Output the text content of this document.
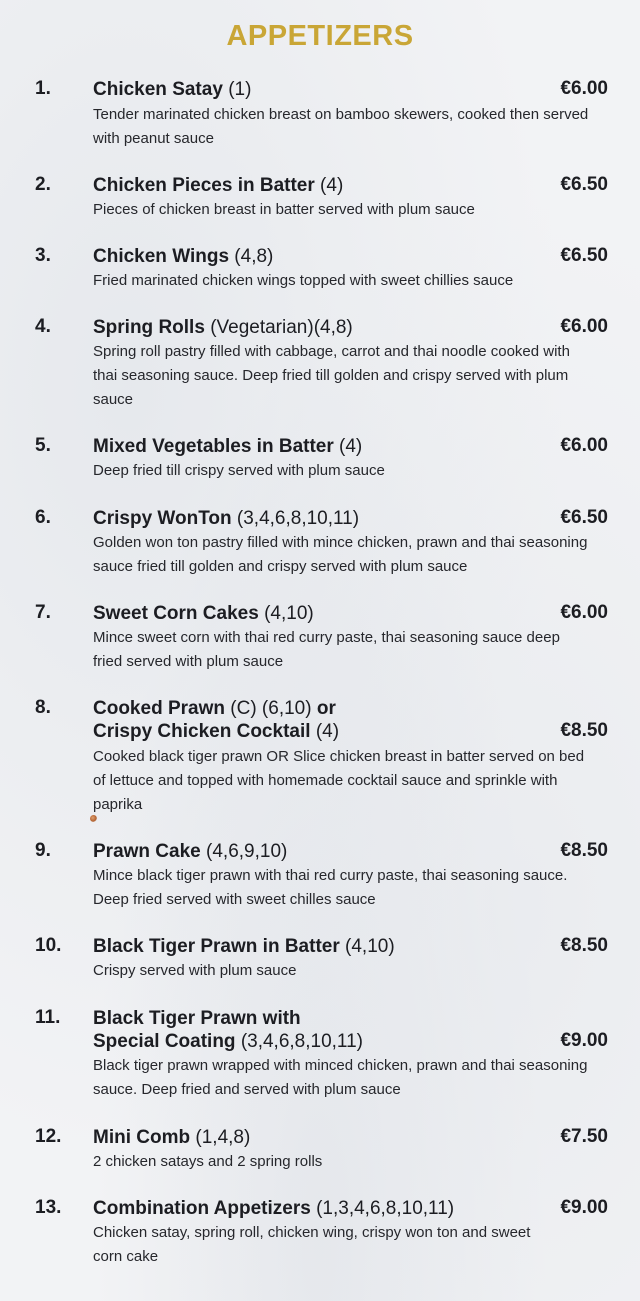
APPETIZERS
1. Chicken Satay (1)	€6.00
Tender marinated chicken breast on bamboo skewers, cooked then served with peanut sauce
2. Chicken Pieces in Batter (4)	€6.50
Pieces of chicken breast in batter served with plum sauce
3. Chicken Wings (4,8)	€6.50
Fried marinated chicken wings topped with sweet chillies sauce
4. Spring Rolls (Vegetarian)(4,8)	€6.00
Spring roll pastry filled with cabbage, carrot and thai noodle cooked with thai seasoning sauce. Deep fried till golden and crispy served with plum sauce
5. Mixed Vegetables in Batter (4)	€6.00
Deep fried till crispy served with plum sauce
6. Crispy WonTon (3,4,6,8,10,11)	€6.50
Golden won ton pastry filled with mince chicken, prawn and thai seasoning sauce fried till golden and crispy served with plum sauce
7. Sweet Corn Cakes (4,10)	€6.00
Mince sweet corn with thai red curry paste, thai seasoning sauce deep fried served with plum sauce
8. Cooked Prawn (C) (6,10) or
Crispy Chicken Cocktail (4)	€8.50
Cooked black tiger prawn OR Slice chicken breast in batter served on bed of lettuce and topped with homemade cocktail sauce and sprinkle with paprika
9. Prawn Cake (4,6,9,10)	€8.50
Mince black tiger prawn with thai red curry paste, thai seasoning sauce. Deep fried served with sweet chilles sauce
10. Black Tiger Prawn in Batter (4,10)	€8.50
Crispy served with plum sauce
11. Black Tiger Prawn with
Special Coating (3,4,6,8,10,11)	€9.00
Black tiger prawn wrapped with minced chicken, prawn and thai seasoning sauce. Deep fried and served with plum sauce
12. Mini Comb (1,4,8)	€7.50
2 chicken satays and 2 spring rolls
13. Combination Appetizers (1,3,4,6,8,10,11)	€9.00
Chicken satay, spring roll, chicken wing, crispy won ton and sweet corn cake
